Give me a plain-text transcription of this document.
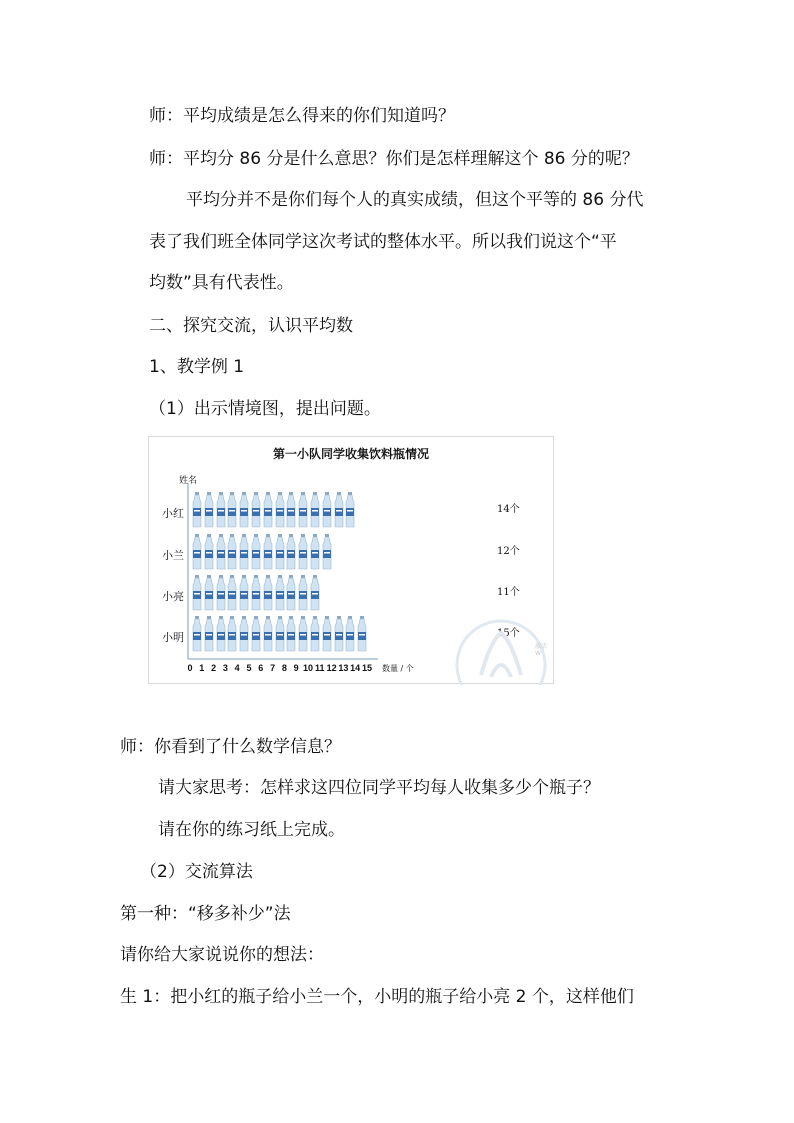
师：平均成绩是怎么得来的你们知道吗？
师：平均分 86 分是什么意思？你们是怎样理解这个 86 分的呢？
平均分并不是你们每个人的真实成绩，但这个平等的 86 分代
表了我们班全体同学这次考试的整体水平。所以我们说这个“平
均数”具有代表性。
二、探究交流，认识平均数
1、教学例 1
（1）出示情境图，提出问题。
第一小队同学收集饮料瓶情况
姓名
小红	14个
小兰	12个
小亮	11个
小明	15个
0 1 2 3 4 5 6 7 8 9 10 11 12 13 14 15	数量 / 个
激活 W
师：你看到了什么数学信息？
请大家思考：怎样求这四位同学平均每人收集多少个瓶子？
请在你的练习纸上完成。
（2）交流算法
第一种：“移多补少”法
请你给大家说说你的想法：
生 1：把小红的瓶子给小兰一个，小明的瓶子给小亮 2 个，这样他们
